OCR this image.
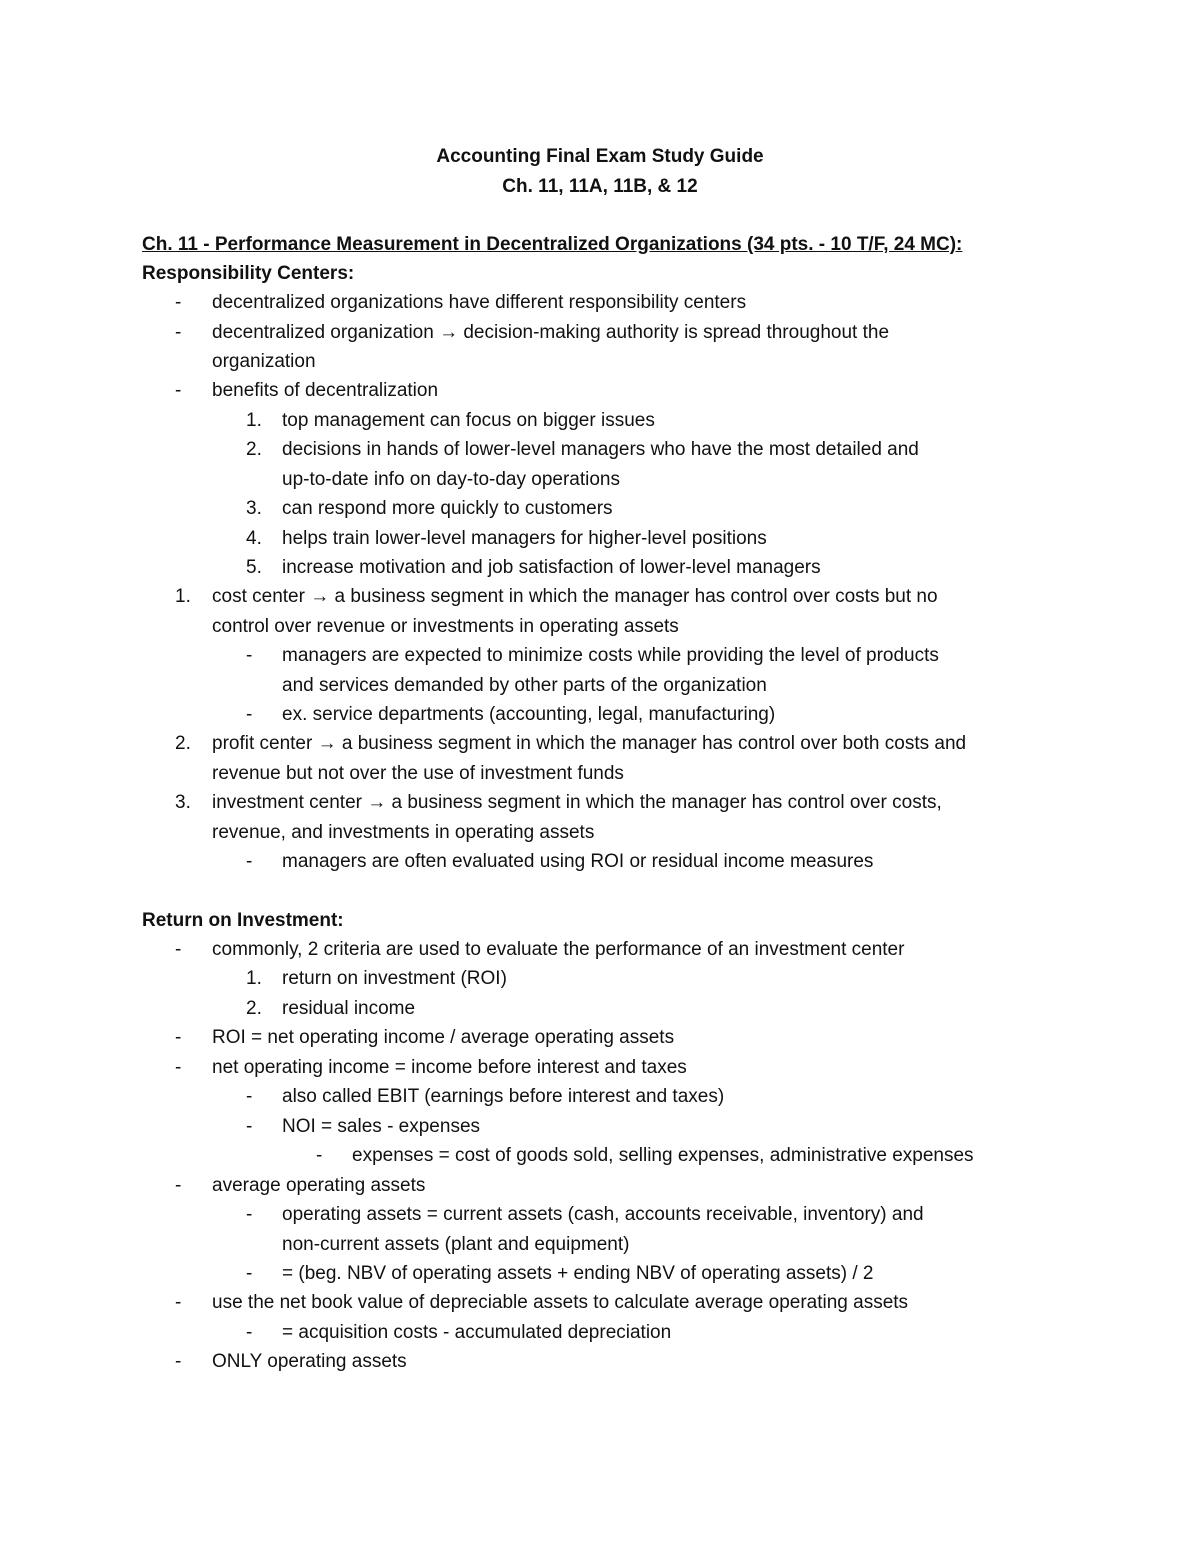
Accounting Final Exam Study Guide
Ch. 11, 11A, 11B, & 12
Ch. 11 - Performance Measurement in Decentralized Organizations (34 pts. - 10 T/F, 24 MC):
Responsibility Centers:
- decentralized organizations have different responsibility centers
- decentralized organization → decision-making authority is spread throughout the
organization
- benefits of decentralization
1. top management can focus on bigger issues
2. decisions in hands of lower-level managers who have the most detailed and
up-to-date info on day-to-day operations
3. can respond more quickly to customers
4. helps train lower-level managers for higher-level positions
5. increase motivation and job satisfaction of lower-level managers
1. cost center → a business segment in which the manager has control over costs but no
control over revenue or investments in operating assets
- managers are expected to minimize costs while providing the level of products
and services demanded by other parts of the organization
- ex. service departments (accounting, legal, manufacturing)
2. profit center → a business segment in which the manager has control over both costs and
revenue but not over the use of investment funds
3. investment center → a business segment in which the manager has control over costs,
revenue, and investments in operating assets
- managers are often evaluated using ROI or residual income measures
Return on Investment:
- commonly, 2 criteria are used to evaluate the performance of an investment center
1. return on investment (ROI)
2. residual income
- ROI = net operating income / average operating assets
- net operating income = income before interest and taxes
- also called EBIT (earnings before interest and taxes)
- NOI = sales - expenses
- expenses = cost of goods sold, selling expenses, administrative expenses
- average operating assets
- operating assets = current assets (cash, accounts receivable, inventory) and
non-current assets (plant and equipment)
- = (beg. NBV of operating assets + ending NBV of operating assets) / 2
- use the net book value of depreciable assets to calculate average operating assets
- = acquisition costs - accumulated depreciation
- ONLY operating assets
